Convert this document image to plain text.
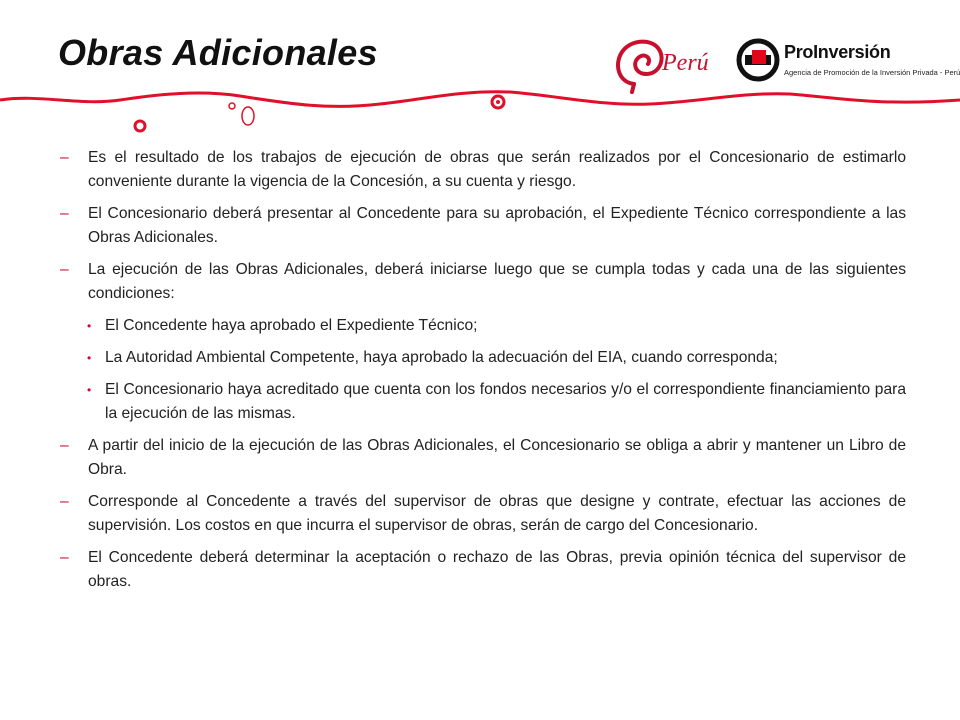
Obras Adicionales	Perú	ProInversión
Agencia de Promoción de la Inversión Privada - Perú
– Es el resultado de los trabajos de ejecución de obras que serán realizados por el Concesionario de estimarlo conveniente durante la vigencia de la Concesión, a su cuenta y riesgo.
– El Concesionario deberá presentar al Concedente para su aprobación, el Expediente Técnico correspondiente a las Obras Adicionales.
– La ejecución de las Obras Adicionales, deberá iniciarse luego que se cumpla todas y cada una de las siguientes condiciones:
• El Concedente haya aprobado el Expediente Técnico;
• La Autoridad Ambiental Competente, haya aprobado la adecuación del EIA, cuando corresponda;
• El Concesionario haya acreditado que cuenta con los fondos necesarios y/o el correspondiente financiamiento para la ejecución de las mismas.
– A partir del inicio de la ejecución de las Obras Adicionales, el Concesionario se obliga a abrir y mantener un Libro de Obra.
– Corresponde al Concedente a través del supervisor de obras que designe y contrate, efectuar las acciones de supervisión. Los costos en que incurra el supervisor de obras, serán de cargo del Concesionario.
– El Concedente deberá determinar la aceptación o rechazo de las Obras, previa opinión técnica del supervisor de obras.
